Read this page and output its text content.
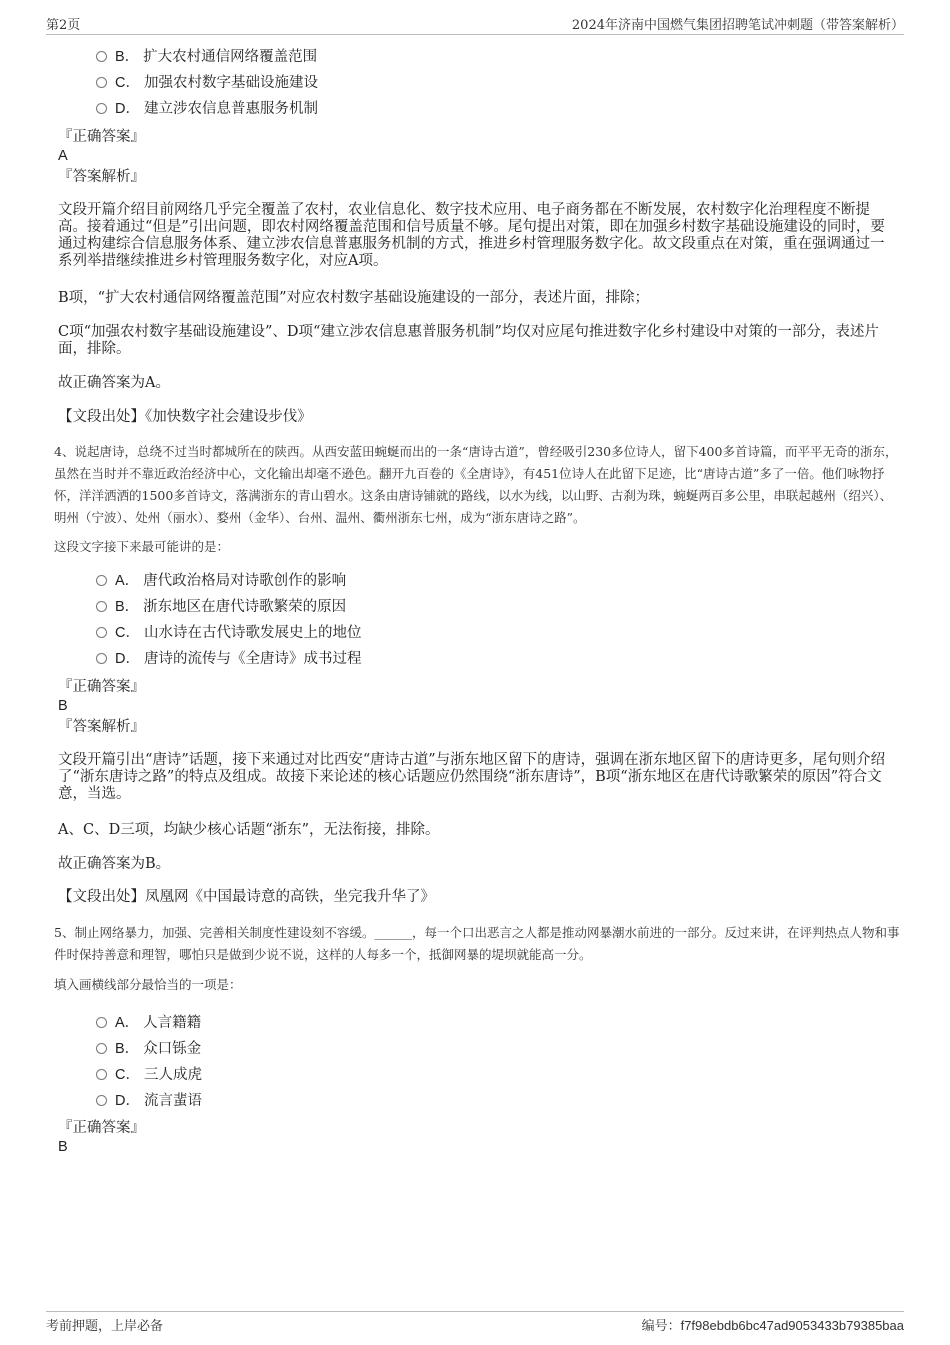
第2页	2024年济南中国燃气集团招聘笔试冲刺题（带答案解析）
B． 扩大农村通信网络覆盖范围
C． 加强农村数字基础设施建设
D． 建立涉农信息普惠服务机制
『正确答案』
A
『答案解析』
文段开篇介绍目前网络几乎完全覆盖了农村，农业信息化、数字技术应用、电子商务都在不断发展，农村数字化治理程度不断提高。接着通过“但是”引出问题，即农村网络覆盖范围和信号质量不够。尾句提出对策，即在加强乡村数字基础设施建设的同时，要通过构建综合信息服务体系、建立涉农信息普惠服务机制的方式，推进乡村管理服务数字化。故文段重点在对策，重在强调通过一系列举措继续推进乡村管理服务数字化，对应A项。
B项，“扩大农村通信网络覆盖范围”对应农村数字基础设施建设的一部分，表述片面，排除；
C项“加强农村数字基础设施建设”、D项“建立涉农信息惠普服务机制”均仅对应尾句推进数字化乡村建设中对策的一部分，表述片面，排除。
故正确答案为A。
【文段出处】《加快数字社会建设步伐》
4、说起唐诗，总绕不过当时都城所在的陕西。从西安蓝田蜿蜒而出的一条“唐诗古道”，曾经吸引230多位诗人，留下400多首诗篇，而平平无奇的浙东，虽然在当时并不靠近政治经济中心，文化输出却毫不逊色。翻开九百卷的《全唐诗》，有451位诗人在此留下足迹，比“唐诗古道”多了一倍。他们咏物抒怀，洋洋洒洒的1500多首诗文，落满浙东的青山碧水。这条由唐诗铺就的路线，以水为线，以山野、古刹为珠，蜿蜒两百多公里，串联起越州（绍兴）、明州（宁波）、处州（丽水）、婺州（金华）、台州、温州、衢州浙东七州，成为“浙东唐诗之路”。
这段文字接下来最可能讲的是：
A． 唐代政治格局对诗歌创作的影响
B． 浙东地区在唐代诗歌繁荣的原因
C． 山水诗在古代诗歌发展史上的地位
D． 唐诗的流传与《全唐诗》成书过程
『正确答案』
B
『答案解析』
文段开篇引出“唐诗”话题，接下来通过对比西安“唐诗古道”与浙东地区留下的唐诗，强调在浙东地区留下的唐诗更多，尾句则介绍了“浙东唐诗之路”的特点及组成。故接下来论述的核心话题应仍然围绕“浙东唐诗”，B项“浙东地区在唐代诗歌繁荣的原因”符合文意，当选。
A、C、D三项，均缺少核心话题“浙东”，无法衔接，排除。
故正确答案为B。
【文段出处】凤凰网《中国最诗意的高铁，坐完我升华了》
5、制止网络暴力，加强、完善相关制度性建设刻不容缓。______，每一个口出恶言之人都是推动网暴潮水前进的一部分。反过来讲，在评判热点人物和事件时保持善意和理智，哪怕只是做到少说不说，这样的人每多一个，抵御网暴的堤坝就能高一分。
填入画横线部分最恰当的一项是：
A． 人言籍籍
B． 众口铄金
C． 三人成虎
D． 流言蜚语
『正确答案』
B
考前押题，上岸必备	编号：f7f98ebdb6bc47ad9053433b79385baa
